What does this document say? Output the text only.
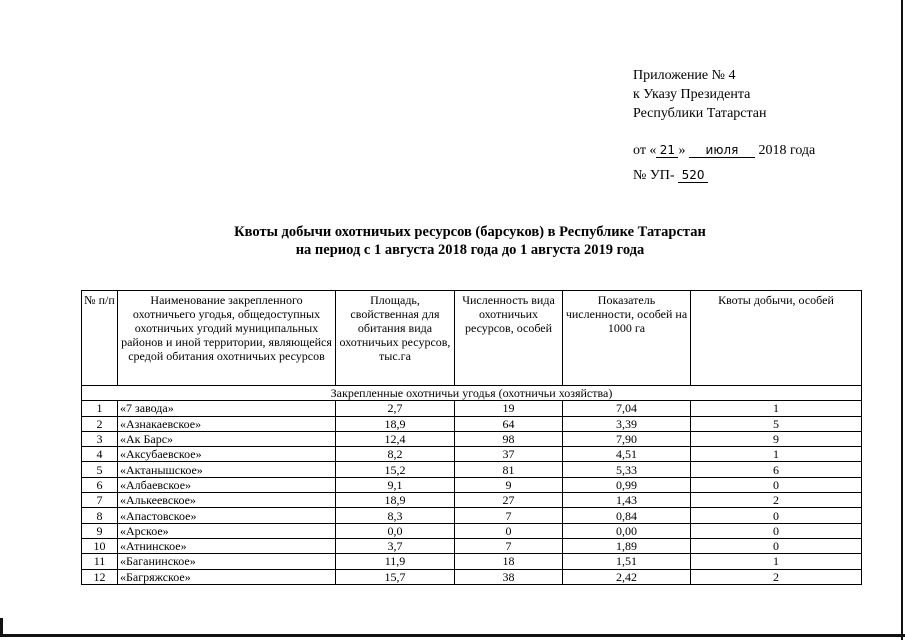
Приложение № 4
к Указу Президента
Республики Татарстан
от « 21 » июля 2018 года
№ УП- 520
Квоты добычи охотничьих ресурсов (барсуков) в Республике Татарстан
на период с 1 августа 2018 года до 1 августа 2019 года
№ п/п	Наименование закрепленного охотничьего угодья, общедоступных охотничьих угодий муниципальных районов и иной территории, являющейся средой обитания охотничьих ресурсов	Площадь, свойственная для обитания вида охотничьих ресурсов, тыс.га	Численность вида охотничьих ресурсов, особей	Показатель численности, особей на 1000 га	Квоты добычи, особей
Закрепленные охотничьи угодья (охотничьи хозяйства)					
1	«7 завода»	2,7	19	7,04	1
2	«Азнакаевское»	18,9	64	3,39	5
3	«Ак Барс»	12,4	98	7,90	9
4	«Аксубаевское»	8,2	37	4,51	1
5	«Актанышское»	15,2	81	5,33	6
6	«Албаевское»	9,1	9	0,99	0
7	«Алькеевское»	18,9	27	1,43	2
8	«Апастовское»	8,3	7	0,84	0
9	«Арское»	0,0	0	0,00	0
10	«Атнинское»	3,7	7	1,89	0
11	«Баганинское»	11,9	18	1,51	1
12	«Багряжское»	15,7	38	2,42	2
